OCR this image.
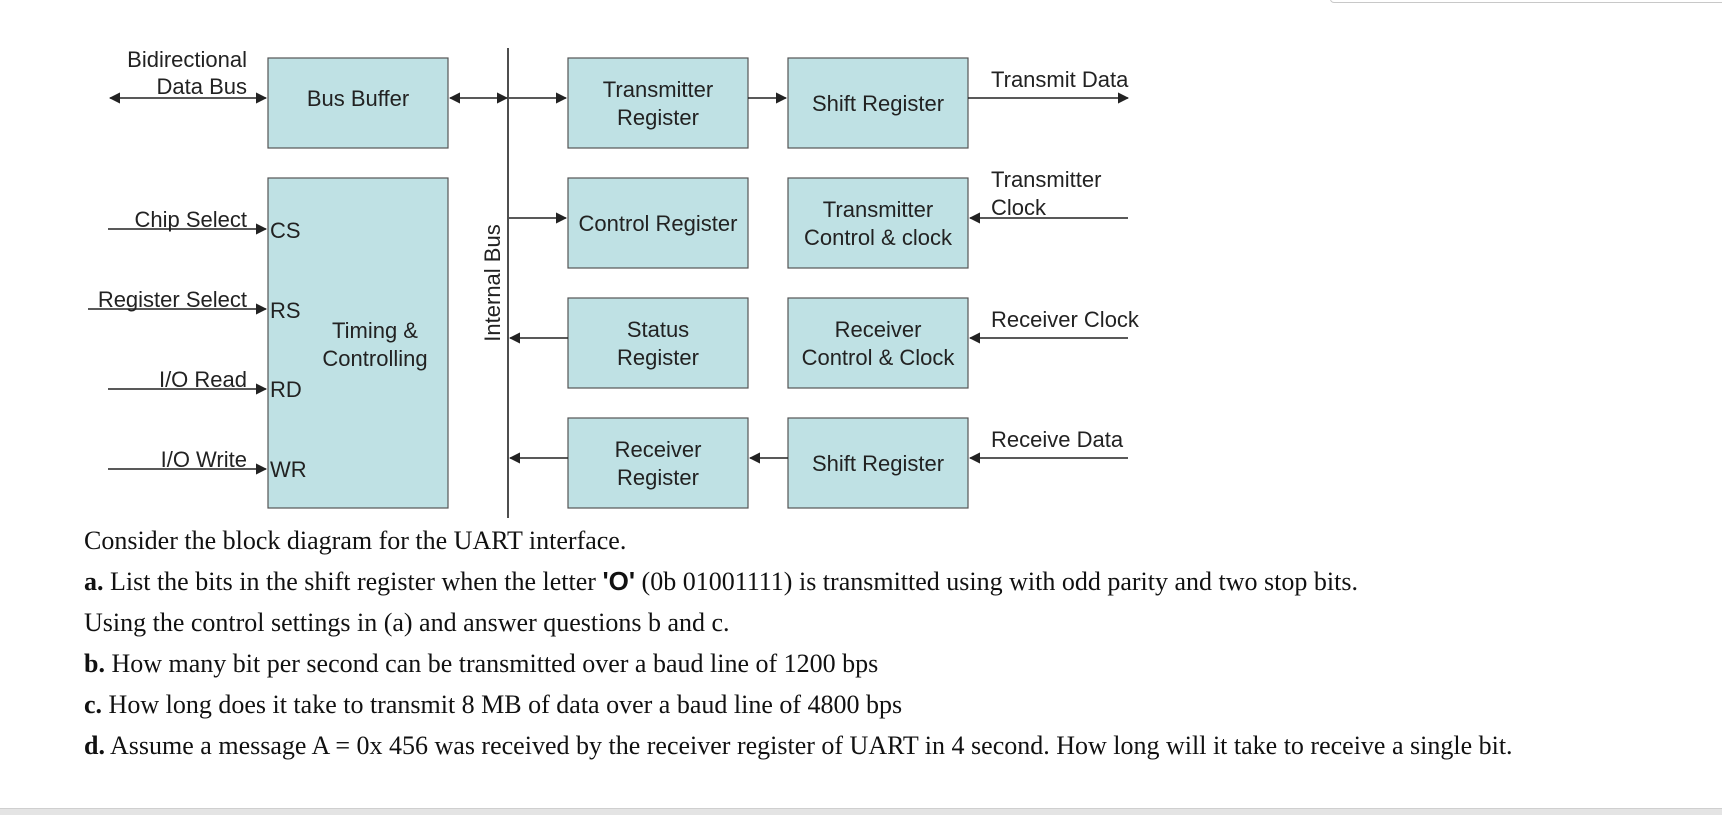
Bus Buffer
Timing &
Controlling
Transmitter
Register
Control Register
Status
Register
Receiver
Register
Shift Register
Transmitter
Control & clock
Receiver
Control & Clock
Shift Register
Internal Bus
Bidirectional
Data Bus
Chip Select
Register Select
I/O Read
I/O Write
CS
RS
RD
WR
Transmit Data
Transmitter
Clock
Receiver Clock
Receive Data

Consider the block diagram for the UART interface.

a. List the bits in the shift register when the letter 'O' (0b 01001111) is transmitted using with odd parity and two stop bits.

Using the control settings in (a) and answer questions b and c.

b. How many bit per second can be transmitted over a baud line of 1200 bps

c. How long does it take to transmit 8 MB of data over a baud line of 4800 bps

d. Assume a message A = 0x 456 was received by the receiver register of UART in 4 second. How long will it take to receive a single bit.
